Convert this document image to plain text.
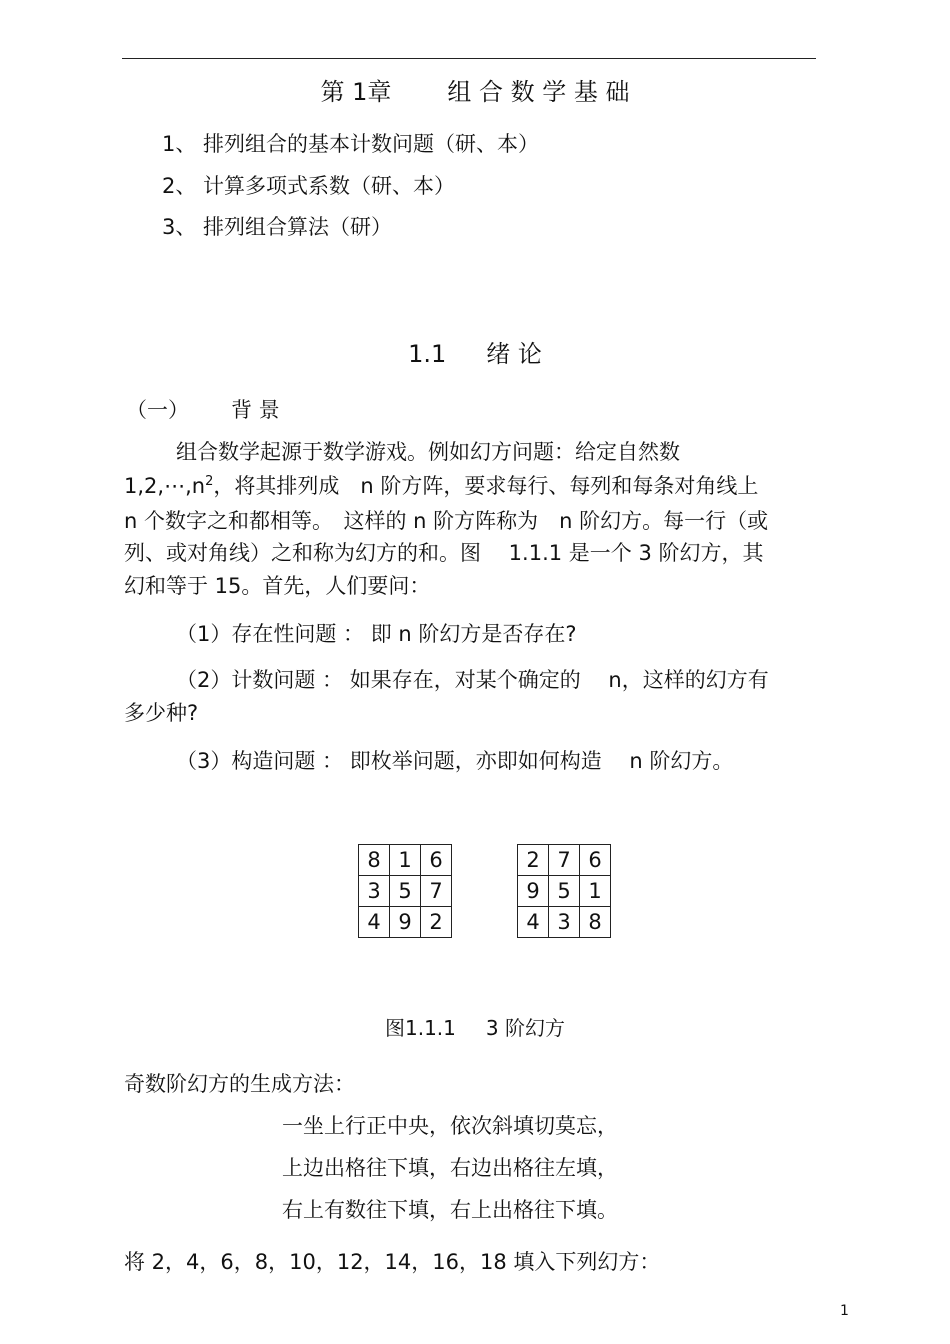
第 1章 组 合 数 学 基 础
1、 排列组合的基本计数问题（研、本）
2、 计算多项式系数（研、本）
3、 排列组合算法（研）
1.1 绪 论
（一） 背 景
组合数学起源于数学游戏。例如幻方问题：给定自然数
$1,2,\cdots,n^2$，将其排列成　n 阶方阵，要求每行、每列和每条对角线上
n 个数字之和都相等。　这样的 n 阶方阵称为　n 阶幻方。每一行（或
列、或对角线）之和称为幻方的和。图　 1.1.1 是一个 3 阶幻方，其
幻和等于 15。首先，人们要问：
（1）存在性问题 ： 即 n 阶幻方是否存在?
（2）计数问题 ： 如果存在，对某个确定的　 n，这样的幻方有
多少种?
（3）构造问题 ： 即枚举问题，亦即如何构造　 n 阶幻方。
8	1	6
3	5	7
4	9	2
2	7	6
9	5	1
4	3	8
图1.1.1 3 阶幻方
奇数阶幻方的生成方法：
一坐上行正中央，依次斜填切莫忘，
上边出格往下填，右边出格往左填，
右上有数往下填，右上出格往下填。
将 2，4，6，8，10，12，14，16，18 填入下列幻方：
1
